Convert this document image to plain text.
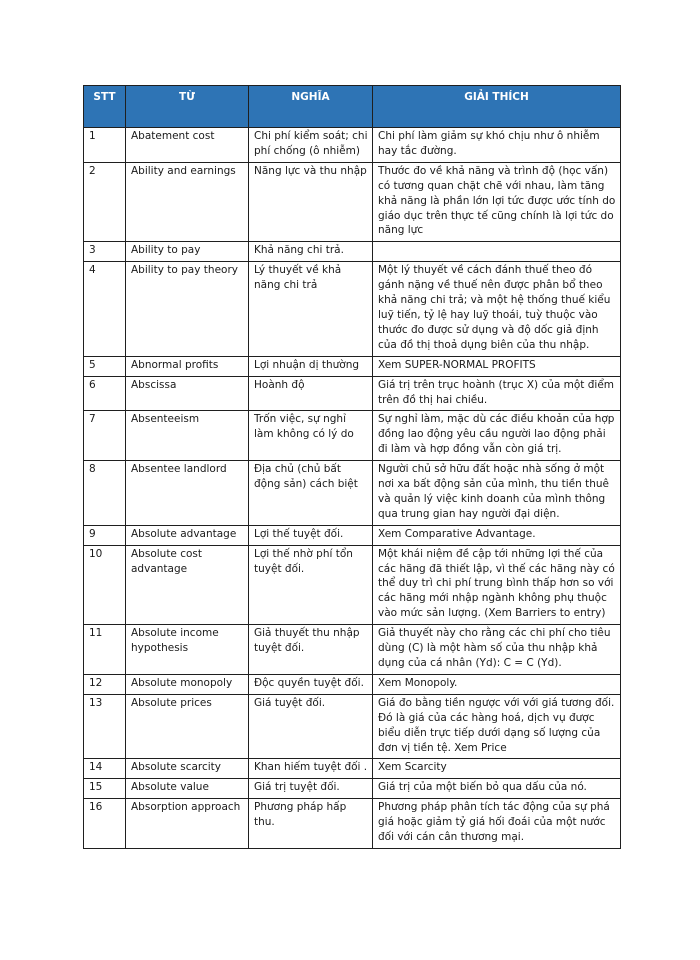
STT	TỪ	NGHĨA	GIẢI THÍCH
1	Abatement cost	Chi phí kiểm soát; chi phí chống (ô nhiễm)	Chi phí làm giảm sự khó chịu như ô nhiễm hay tắc đường.
2	Ability and earnings	Năng lực và thu nhập	Thước đo về khả năng và trình độ (học vấn) có tương quan chặt chẽ với nhau, làm tăng khả năng là phần lớn lợi tức được ước tính do giáo dục trên thực tế cũng chính là lợi tức do năng lực
3	Ability to pay	Khả năng chi trả.	
4	Ability to pay theory	Lý thuyết về khả năng chi trả	Một lý thuyết về cách đánh thuế theo đó gánh nặng về thuế nên được phân bổ theo khả năng chi trả; và một hệ thống thuế kiểu luỹ tiến, tỷ lệ hay luỹ thoái, tuỳ thuộc vào thước đo được sử dụng và độ dốc giả định của đồ thị thoả dụng biên của thu nhập.
5	Abnormal profits	Lợi nhuận dị thường	Xem SUPER-NORMAL PROFITS
6	Abscissa	Hoành độ	Giá trị trên trục hoành (trục X) của một điểm trên đồ thị hai chiều.
7	Absenteeism	Trốn việc, sự nghỉ làm không có lý do	Sự nghỉ làm, mặc dù các điều khoản của hợp đồng lao động yêu cầu người lao động phải đi làm và hợp đồng vẫn còn giá trị.
8	Absentee landlord	Địa chủ (chủ bất động sản) cách biệt	Người chủ sở hữu đất hoặc nhà sống ở một nơi xa bất động sản của mình, thu tiền thuê và quản lý việc kinh doanh của mình thông qua trung gian hay người đại diện.
9	Absolute advantage	Lợi thế tuyệt đối.	Xem Comparative Advantage.
10	Absolute cost advantage	Lợi thế nhờ phí tổn tuyệt đối.	Một khái niệm đề cập tới những lợi thế của các hãng đã thiết lập, vì thế các hãng này có thể duy trì chi phí trung bình thấp hơn so với các hãng mới nhập ngành không phụ thuộc vào mức sản lượng. (Xem Barriers to entry)
11	Absolute income hypothesis	Giả thuyết thu nhập tuyệt đối.	Giả thuyết này cho rằng các chi phí cho tiêu dùng (C) là một hàm số của thu nhập khả dụng của cá nhân (Yd): C = C (Yd).
12	Absolute monopoly	Độc quyền tuyệt đối.	Xem Monopoly.
13	Absolute prices	Giá tuyệt đối.	Giá đo bằng tiền ngược với với giá tương đối. Đó là giá của các hàng hoá, dịch vụ được biểu diễn trực tiếp dưới dạng số lượng của đơn vị tiền tệ. Xem Price
14	Absolute scarcity	Khan hiếm tuyệt đối .	Xem Scarcity
15	Absolute value	Giá trị tuyệt đối.	Giá trị của một biến bỏ qua dấu của nó.
16	Absorption approach	Phương pháp hấp thu.	Phương pháp phân tích tác động của sự phá giá hoặc giảm tỷ giá hối đoái của một nước đối với cán cân thương mại.
